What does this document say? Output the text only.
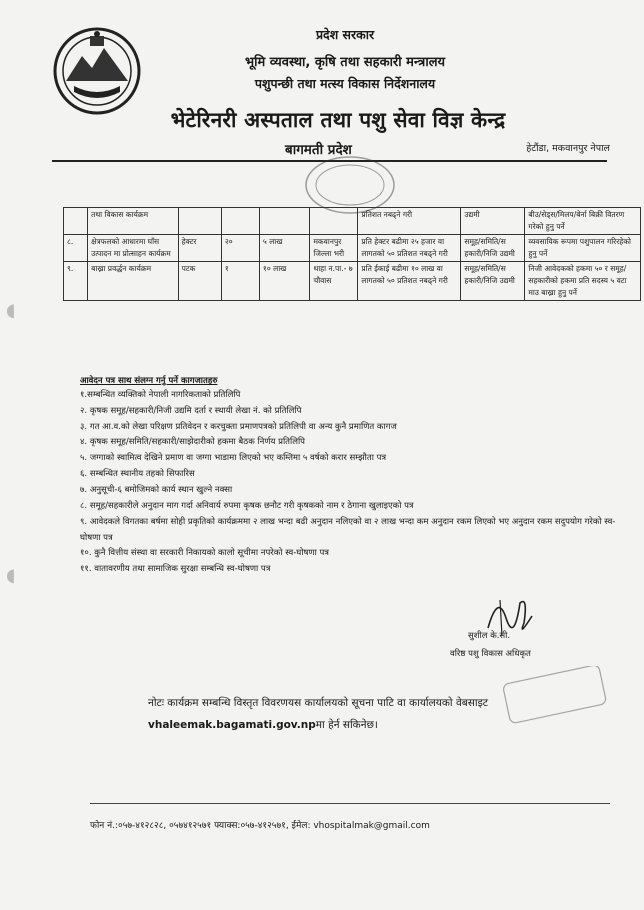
प्रदेश सरकार
भूमि व्यवस्था, कृषि तथा सहकारी मन्त्रालय
पशुपन्छी तथा मत्स्य विकास निर्देशनालय
भेटेरिनरी अस्पताल तथा पशु सेवा विज्ञ केन्द्र
बागमती प्रदेश	हेटौंडा, मकवानपुर नेपाल
	तथा विकास कार्यक्रम					प्रतिशत नबढ्ने गरी	उद्यमी	बीउ/सेड्स/मिलप/बेर्ना बिक्री वितरण गरेको हुनु पर्ने
८.	क्षेत्रफलको आधारमा घाँस उत्पादन मा प्रोत्साहन कार्यक्रम	हेक्टर	२०	५ लाख	मकवानपुर जिल्ला भरी	प्रति हेक्टर बढीमा २५ हजार वा लागतको ५० प्रतिशत नबढ्ने गरी	समूह/समिति/स हकारी/निजि उद्यमी	व्यवसायिक रूपमा पशुपालन गरिरहेको हुनु पर्ने
९.	बाख्रा प्रवर्द्धन कार्यक्रम	पटक	१	१० लाख	थाहा न.पा.- ७ चौवास	प्रति ईकाई बढीमा १० लाख वा लागतको ५० प्रतिशत नबढ्ने गरी	समूह/समिति/स हकारी/निजि उद्यमी	निजी आवेदकको हकमा ५० र समूह/सहकारीको हकमा प्रति सदस्य ५ वटा माउ बाख्रा हुनु पर्ने
आवेदन पत्र साथ संलग्न गर्नु पर्ने कागजातहरु
१.सम्बन्धित व्यक्तिको नेपाली नागरिकताको प्रतिलिपि
२. कृषक समूह/सहकारी/निजी उद्यमि दर्ता र स्थायी लेखा नं. को प्रतिलिपि
३. गत आ.व.को लेखा परिक्षण प्रतिवेदन र करचुक्ता प्रमाणपत्रको प्रतिलिपी वा अन्य कुनै प्रमाणित कागज
४. कृषक समूह/समिति/सहकारी/साझेदारीको हकमा बैठक निर्णय प्रतिलिपि
५. जग्गाको स्वामित्व देखिने प्रमाण वा जग्गा भाडामा लिएको भए कम्तिमा ५ वर्षको करार सम्झौता पत्र
६. सम्बन्धित स्थानीय तहको सिफारिस
७. अनुसूची-६ बमोजिमको कार्य स्थान खुल्ने नक्सा
८. समूह/सहकारीले अनुदान माग गर्दा अनिवार्य रुपमा कृषक छनौट गरी कृषकको नाम र ठेगाना खुलाइएको पत्र
९. आवेदकले विगतका बर्षमा सोही प्रकृतिको कार्यक्रममा २ लाख भन्दा बढी अनुदान नलिएको वा २ लाख भन्दा कम अनुदान रकम लिएको भए अनुदान रकम सदुपयोग गरेको स्व-घोषणा पत्र
१०. कुनै वित्तीय संस्था वा सरकारी निकायको कालो सूचीमा नपरेको स्व-घोषणा पत्र
११. वातावरणीय तथा सामाजिक सुरक्षा सम्बन्धि स्व-घोषणा पत्र
सुशील के.सी.
वरिष्ठ पशु विकास अधिकृत
नोटः कार्यक्रम सम्बन्धि विस्तृत विवरणयस कार्यालयको सूचना पाटि वा कार्यालयको वेबसाइट vhaleemak.bagamati.gov.npमा हेर्न सकिनेछ।
फोन नं.:०५७-४१२८२८, ०५७४१२५७१ फ्याक्स:०५७-४१२५७१, ईमेल: vhospitalmak@gmail.com
◖
◖
